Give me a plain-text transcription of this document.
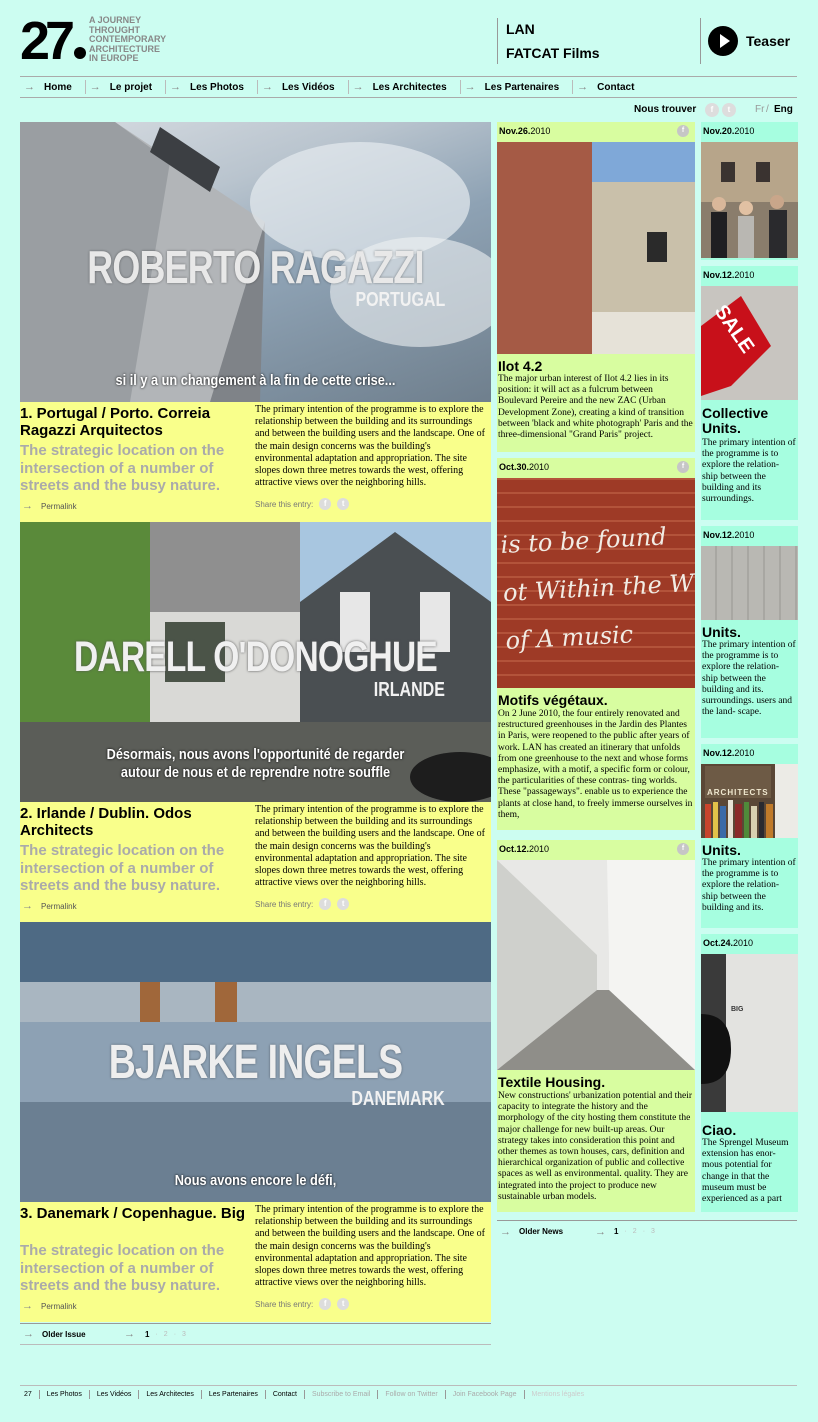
27	A JOURNEY
THROUGHT
CONTEMPORARY
ARCHITECTURE
IN EUROPE
LAN
FATCAT Films
Teaser
→ Home → Le projet → Les Photos → Les Vidéos → Les Architectes → Les Partenaires → Contact
Nous trouver	f	t	Fr / Eng
ROBERTO RAGAZZI
PORTUGAL
si il y a un changement à la fin de cette crise...
1. Portugal / Porto. Correia Ragazzi Arquitectos
The strategic location on the intersection of a number of streets and the busy nature.
The primary intention of the programme is to explore the relationship between the building and its surroundings and between the building users and the landscape. One of the main design concerns was the building's environmental adaptation and appropriation. The site slopes down three metres towards the west, offering attractive views over the neighboring hills.
→ Permalink	Share this entry:	f	t
DARELL O'DONOGHUE
IRLANDE
Désormais, nous avons l'opportunité de regarder autour de nous et de reprendre notre souffle
2. Irlande / Dublin. Odos Architects
The strategic location on the intersection of a number of streets and the busy nature.
The primary intention of the programme is to explore the relationship between the building and its surroundings and between the building users and the landscape. One of the main design concerns was the building's environmental adaptation and appropriation. The site slopes down three metres towards the west, offering attractive views over the neighboring hills.
→ Permalink	Share this entry:	f	t
BJARKE INGELS
DANEMARK
Nous avons encore le défi,
3. Danemark / Copenhague. Big
The strategic location on the intersection of a number of streets and the busy nature.
The primary intention of the programme is to explore the relationship between the building and its surroundings and between the building users and the landscape. One of the main design concerns was the building's environmental adaptation and appropriation. The site slopes down three metres towards the west, offering attractive views over the neighboring hills.
→ Permalink	Share this entry:	f	t
→ Older Issue	→ 1 · 2 · 3
Nov.26.2010	f
Ilot 4.2
The major urban interest of Ilot 4.2 lies in its position: it will act as a fulcrum between Boulevard Pereire and the new ZAC (Urban Development Zone), creating a kind of transition between 'black and white photograph' Paris and the three-dimensional "Grand Paris" project.
Oct.30.2010	f
is to be found
ot Within the W
of A music
Motifs végétaux.
On 2 June 2010, the four entirely renovated and restructured greenhouses in the Jardin des Plantes in Paris, were reopened to the public after years of work. LAN has created an itinerary that unfolds from one greenhouse to the next and whose forms emphasize, with a motif, a specific form or colour, the particularities of these contras- ting worlds. These "passageways". enable us to experience the plants at close hand, to freely immerse ourselves in them,
Oct.12.2010	f
Textile Housing.
New constructions' urbanization potential and their capacity to integrate the history and the morphology of the city hosting them constitute the major challenge for new built-up areas. Our strategy takes into consideration this point and other themes as town houses, cars, definition and hierarchical organization of public and collective spaces as well as environmental. quality. They are integrated into the project to produce new sustainable urban models.
→ Older News	→ 1 · 2 · 3
Nov.20.2010
Nov.12.2010
SALE
Collective Units.
The primary intention of the programme is to explore the relation- ship between the building and its surroundings.
Nov.12.2010
Units.
The primary intention of the programme is to explore the relation- ship between the building and its. surroundings. users and the land- scape.
Nov.12.2010
ARCHITECTS
Units.
The primary intention of the programme is to explore the relation- ship between the building and its.
Oct.24.2010
BIG
Ciao.
The Sprengel Museum extension has enor- mous potential for change in that the museum must be experienced as a part
27	Les Photos	Les Vidéos	Les Architectes	Les Partenaires	Contact	Subscribe to Email	Follow on Twitter	Join Facebook Page	Mentions légales
